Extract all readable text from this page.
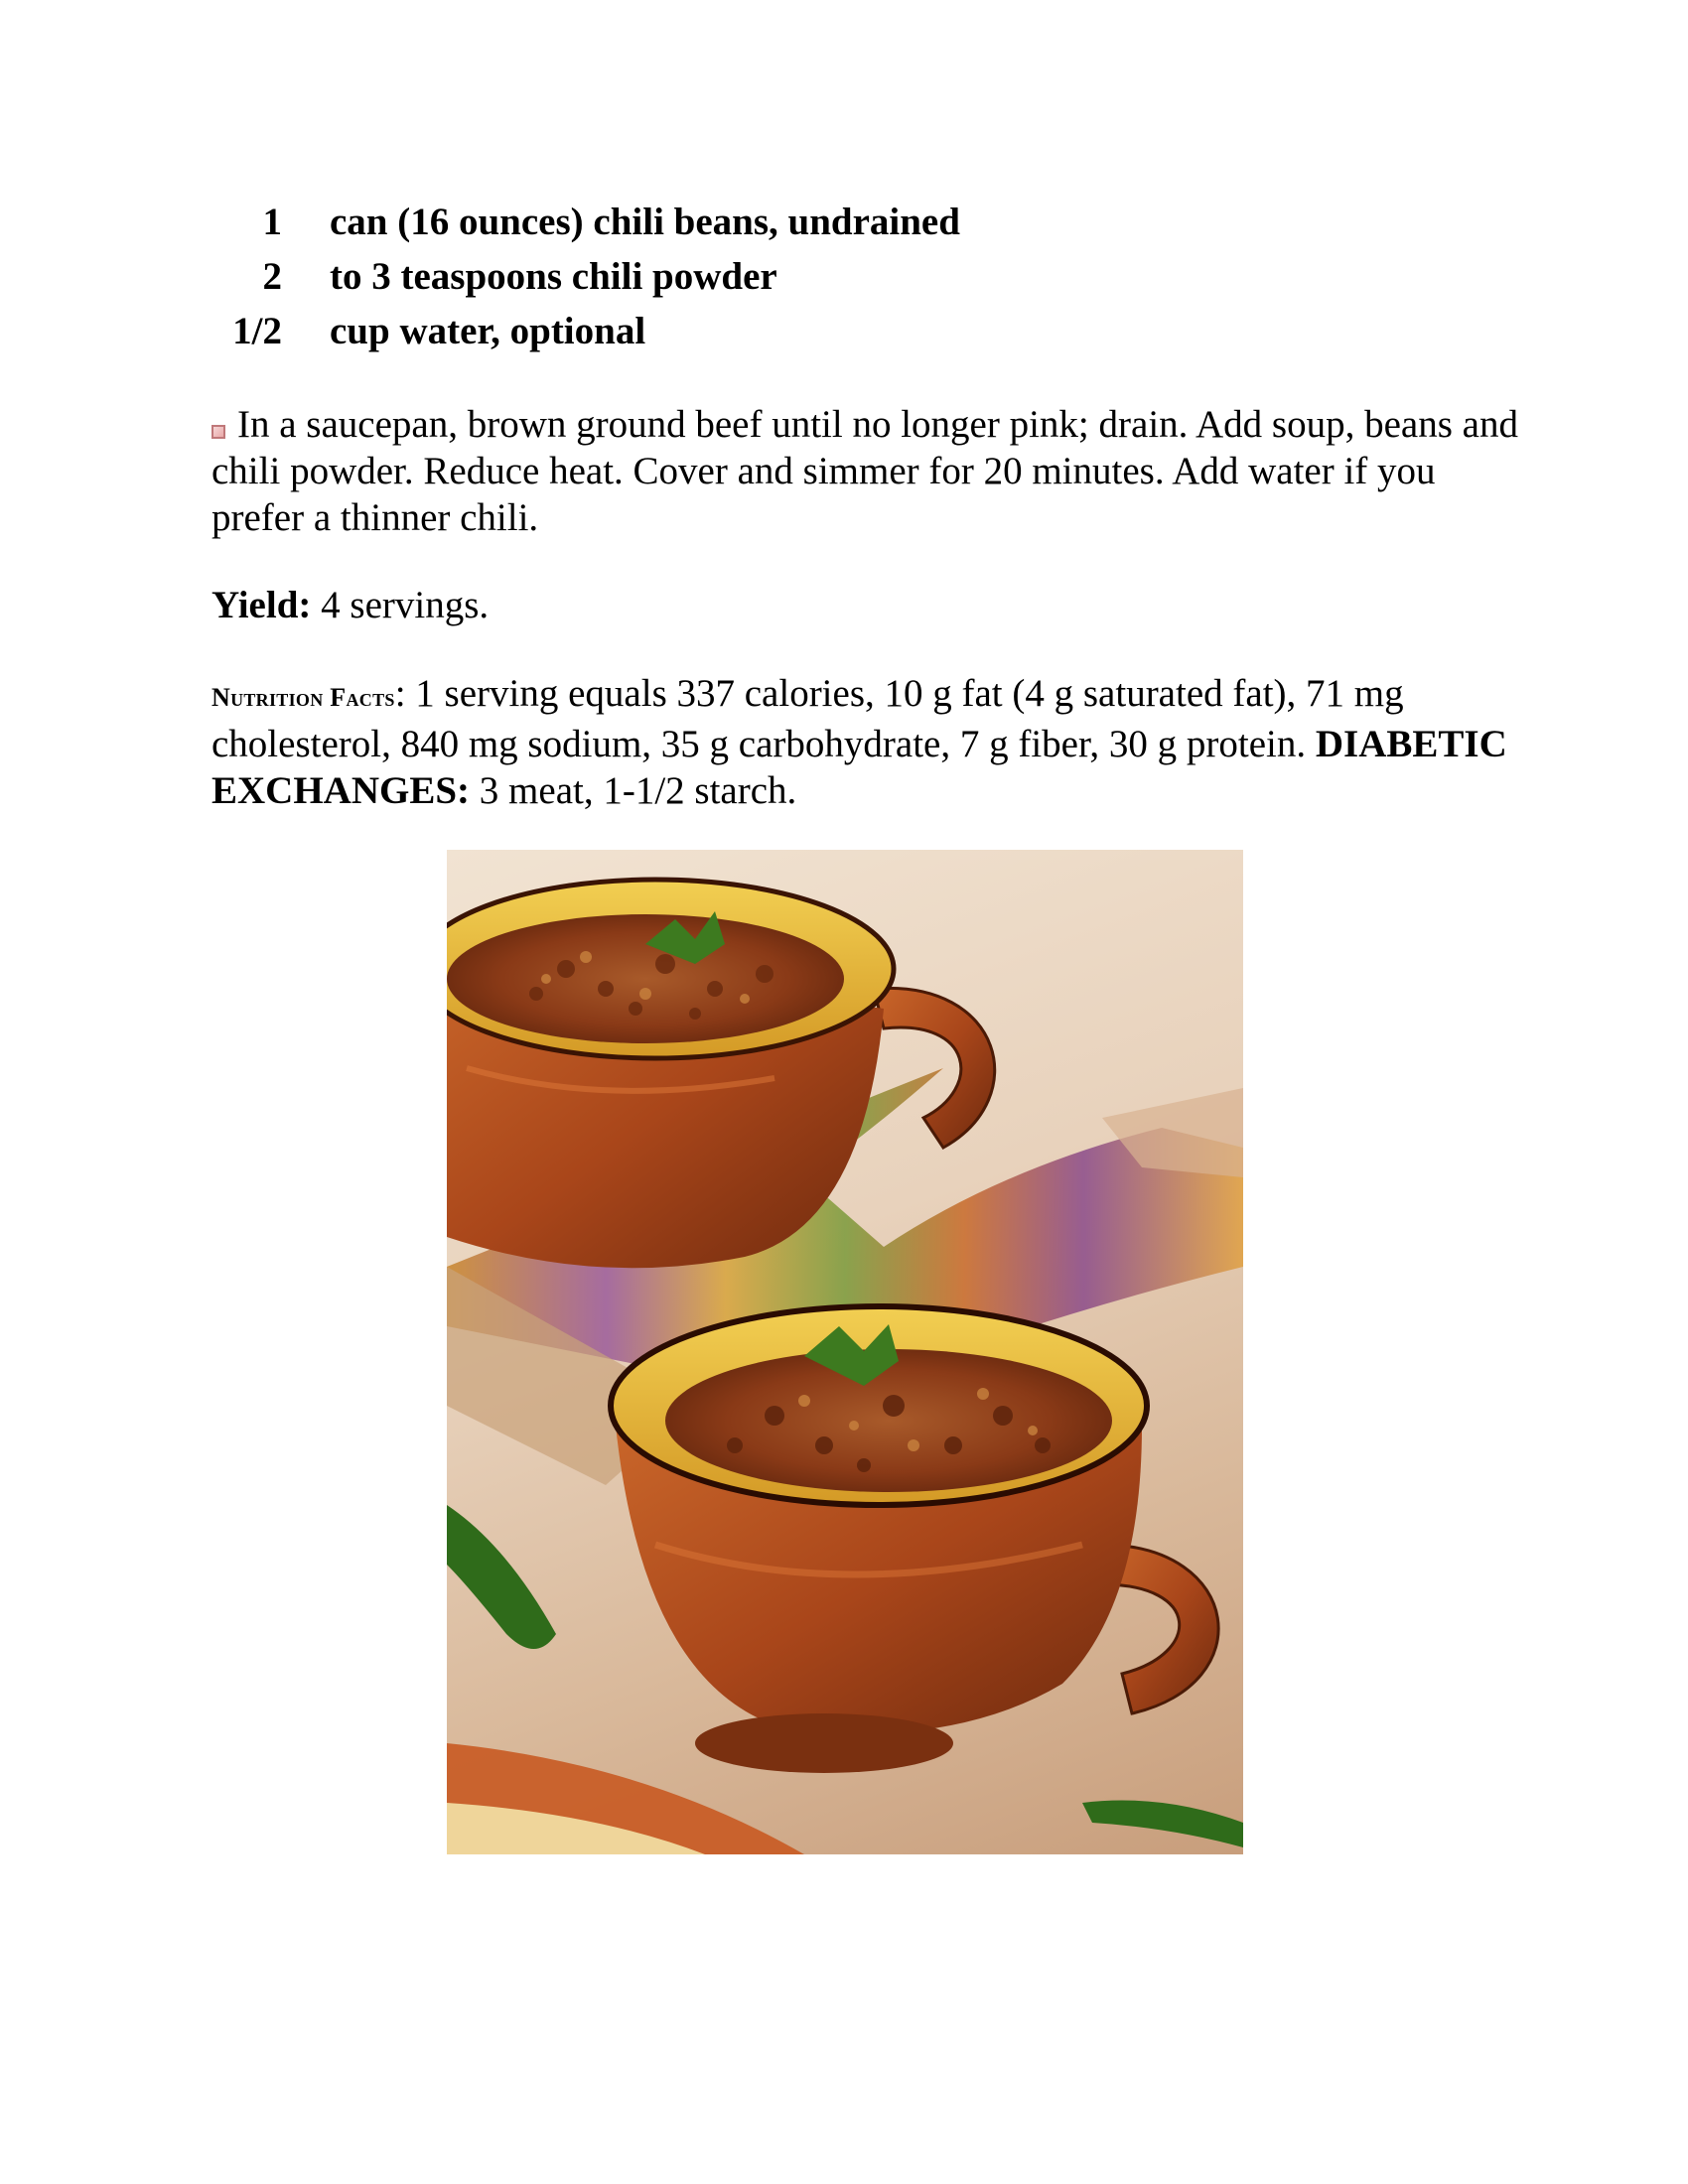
1 can (16 ounces) chili beans, undrained
2 to 3 teaspoons chili powder
1/2 cup water, optional

In a saucepan, brown ground beef until no longer pink; drain. Add soup, beans and chili powder. Reduce heat. Cover and simmer for 20 minutes. Add water if you prefer a thinner chili.

Yield: 4 servings.

Nutrition Facts: 1 serving equals 337 calories, 10 g fat (4 g saturated fat), 71 mg cholesterol, 840 mg sodium, 35 g carbohydrate, 7 g fiber, 30 g protein. DIABETIC EXCHANGES: 3 meat, 1-1/2 starch.
